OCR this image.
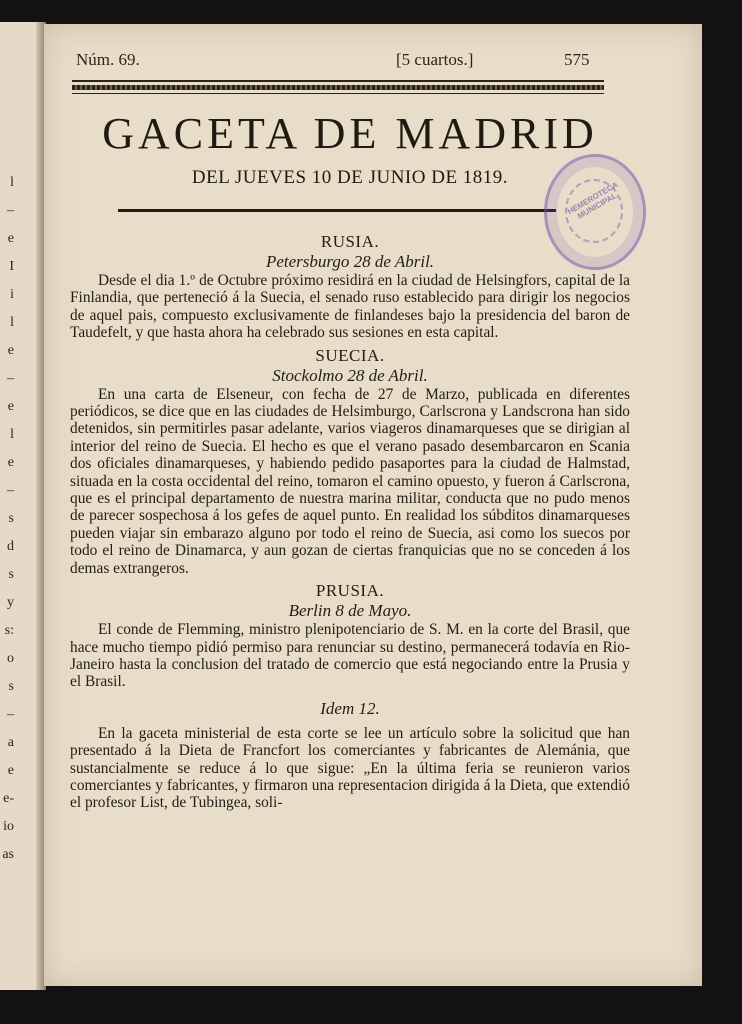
l
–
e
I
i
l
e
–
e
l
e
–
s
d
s
y
s:
o
s
–
a
e
e-
io
as
Núm. 69.	[5 cuartos.]	575
GACETA DE MADRID
DEL JUEVES 10 DE JUNIO DE 1819.
HEMEROTECA MUNICIPAL

RUSIA.

Petersburgo 28 de Abril.

Desde el dia 1.º de Octubre próximo residirá en la ciudad de Helsingfors, capital de la Finlandia, que perteneció á la Suecia, el senado ruso establecido para dirigir los negocios de aquel pais, compuesto exclusivamente de finlandeses bajo la presidencia del baron de Taudefelt, y que hasta ahora ha celebrado sus sesiones en esta capital.

SUECIA.

Stockolmo 28 de Abril.

En una carta de Elseneur, con fecha de 27 de Marzo, publicada en diferentes periódicos, se dice que en las ciudades de Helsimburgo, Carlscrona y Landscrona han sido detenidos, sin permitirles pasar adelante, varios viageros dinamarqueses que se dirigian al interior del reino de Suecia. El hecho es que el verano pasado desembarcaron en Scania dos oficiales dinamarqueses, y habiendo pedido pasaportes para la ciudad de Halmstad, situada en la costa occidental del reino, tomaron el camino opuesto, y fueron á Carlscrona, que es el principal departamento de nuestra marina militar, conducta que no pudo menos de parecer sospechosa á los gefes de aquel punto. En realidad los súbditos dinamarqueses pueden viajar sin embarazo alguno por todo el reino de Suecia, asi como los suecos por todo el reino de Dinamarca, y aun gozan de ciertas franquicias que no se conceden á los demas extrangeros.

PRUSIA.

Berlin 8 de Mayo.

El conde de Flemming, ministro plenipotenciario de S. M. en la corte del Brasil, que hace mucho tiempo pidió permiso para renunciar su destino, permanecerá todavía en Rio-Janeiro hasta la conclusion del tratado de comercio que está negociando entre la Prusia y el Brasil.

Idem 12.

En la gaceta ministerial de esta corte se lee un artículo sobre la solicitud que han presentado á la Dieta de Francfort los comerciantes y fabricantes de Alemánia, que sustancialmente se reduce á lo que sigue: „En la última feria se reunieron varios comerciantes y fabricantes, y firmaron una representacion dirigida á la Dieta, que extendió el profesor List, de Tubingea, soli-
